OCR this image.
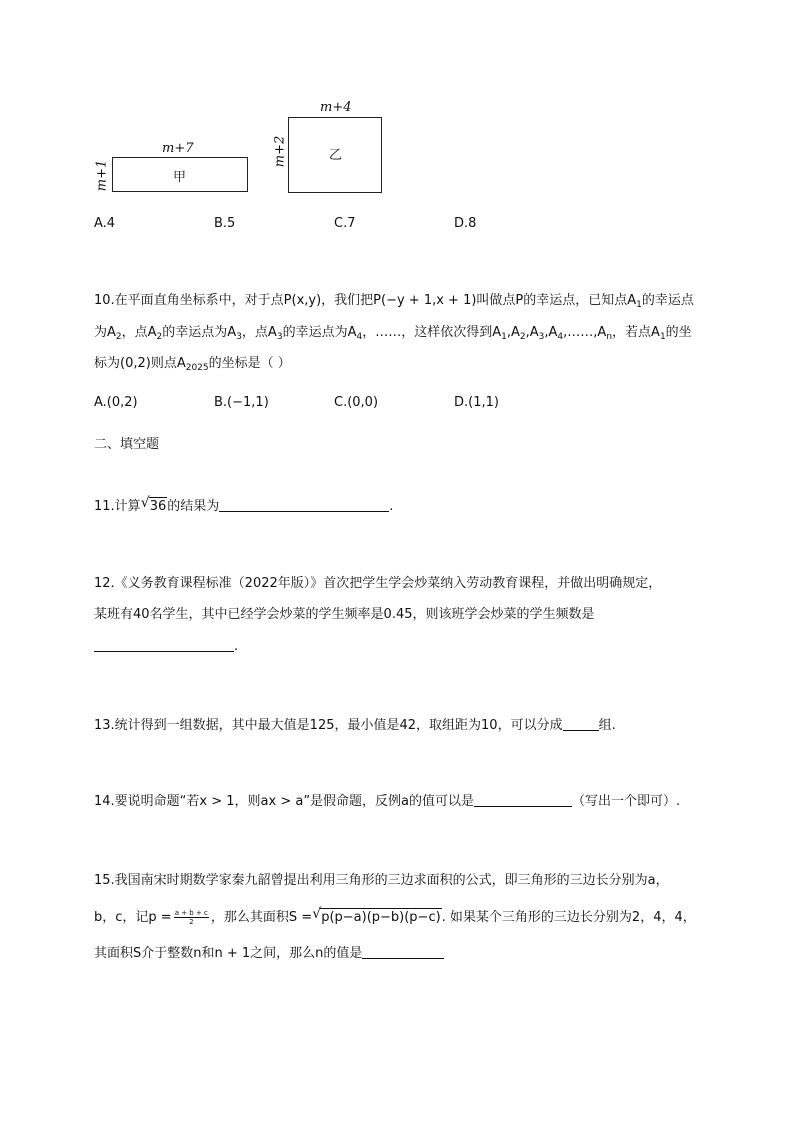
m+7
m+1	甲
m+4
m+2	乙
A.4	B.5	C.7	D.8
10.在平面直角坐标系中，对于点P(x,y)，我们把P(−y + 1,x + 1)叫做点P的幸运点，已知点$A_1$的幸运点
为$A_2$，点$A_2$的幸运点为$A_3$，点$A_3$的幸运点为$A_4$，……，这样依次得到$A_1,A_2,A_3,A_4,\dots\dots,A_n$，若点$A_1$的坐
标为(0,2)则点$A_{2025}$的坐标是（ ）
A.(0,2)	B.(−1,1)	C.(0,0)	D.(1,1)
二、填空题
11.计算 √ 36的结果为	.
12.《义务教育课程标准（2022年版）》首次把学生学会炒菜纳入劳动教育课程，并做出明确规定，
某班有40名学生，其中已经学会炒菜的学生频率是0.45，则该班学会炒菜的学生频数是
.
13.统计得到一组数据，其中最大值是125，最小值是42，取组距为10，可以分成	组.
14.要说明命题“若x > 1，则ax > a”是假命题，反例a的值可以是	（写出一个即可）.
15.我国南宋时期数学家秦九韶曾提出利用三角形的三边求面积的公式，即三角形的三边长分别为a，
b，c，记$p = \frac{a + b + c}{2}$ ，那么其面积S = √ p(p−a)(p−b)(p−c). 如果某个三角形的三边长分别为2，4，4，
其面积S介于整数n和n + 1之间，那么n的值是
